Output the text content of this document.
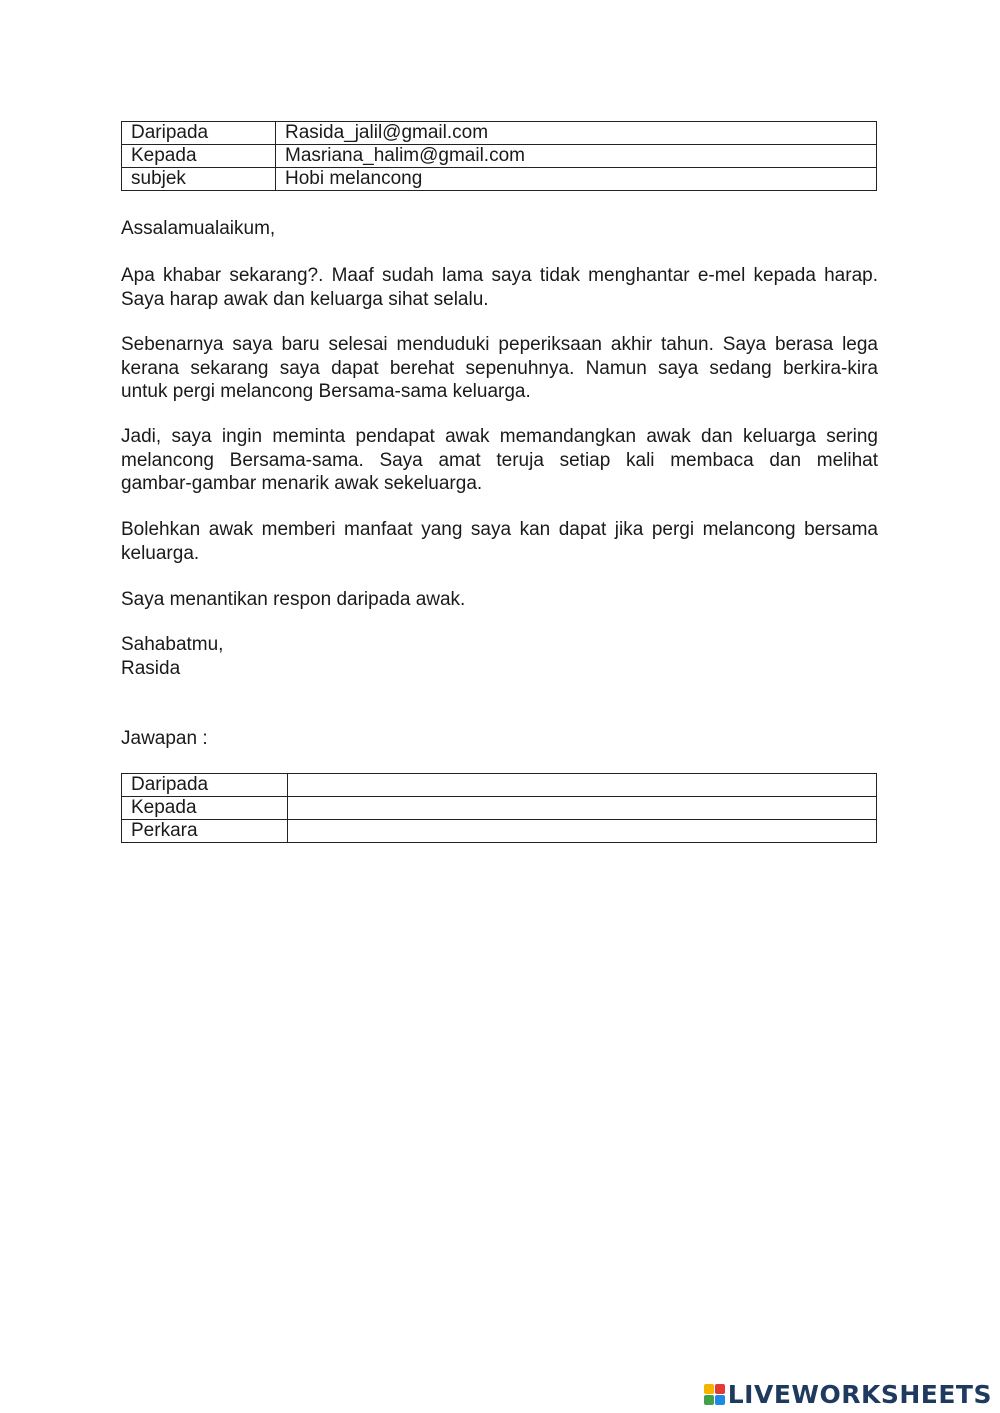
Daripada	Rasida_jalil@gmail.com
Kepada	Masriana_halim@gmail.com
subjek	Hobi melancong

Assalamualaikum,

Apa khabar sekarang?. Maaf sudah lama saya tidak menghantar e-mel kepada harap.
Saya harap awak dan keluarga sihat selalu.

Sebenarnya saya baru selesai menduduki peperiksaan akhir tahun. Saya berasa lega
kerana sekarang saya dapat berehat sepenuhnya. Namun saya sedang berkira-kira
untuk pergi melancong Bersama-sama keluarga.

Jadi, saya ingin meminta pendapat awak memandangkan awak dan keluarga sering
melancong Bersama-sama. Saya amat teruja setiap kali membaca dan melihat
gambar-gambar menarik awak sekeluarga.

Bolehkan awak memberi manfaat yang saya kan dapat jika pergi melancong bersama
keluarga.

Saya menantikan respon daripada awak.

Sahabatmu,
Rasida

Jawapan :

Daripada	
Kepada	
Perkara	
LIVEWORKSHEETS
